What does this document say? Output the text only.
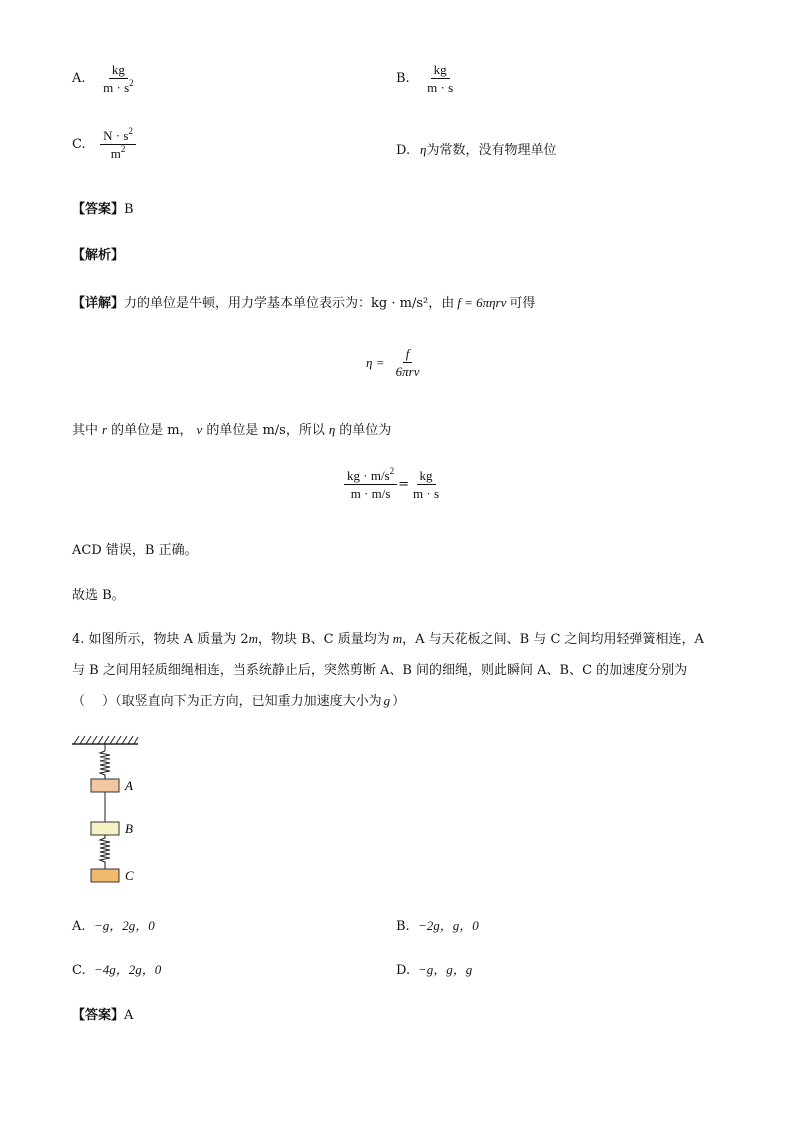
A. $\frac{kg}{m \cdot s^2}$	B. $\frac{kg}{m \cdot s}$
C. $\frac{N \cdot s^2}{m^2}$	D. η为常数，没有物理单位
【答案】B
【解析】
【详解】力的单位是牛顿，用力学基本单位表示为：kg · m/s²，由 f = 6πηrv 可得
$\eta = \frac{f}{\text{6πrv}}$
其中 r 的单位是 m， v 的单位是 m/s，所以 η 的单位为
$\frac{kg \cdot m/s^2}{m \cdot m/s} = \frac{kg}{m \cdot s}$
ACD 错误，B 正确。
故选 B。
4. 如图所示，物块 A 质量为 2m，物块 B、C 质量均为 m，A 与天花板之间、B 与 C 之间均用轻弹簧相连，A
与 B 之间用轻质细绳相连，当系统静止后，突然剪断 A、B 间的细绳，则此瞬间 A、B、C 的加速度分别为
（　 ）（取竖直向下为正方向，已知重力加速度大小为 g ）
A
B
C
A. −g，2g，0	B. −2g，g，0
C. −4g，2g，0	D. −g，g，g
【答案】A
